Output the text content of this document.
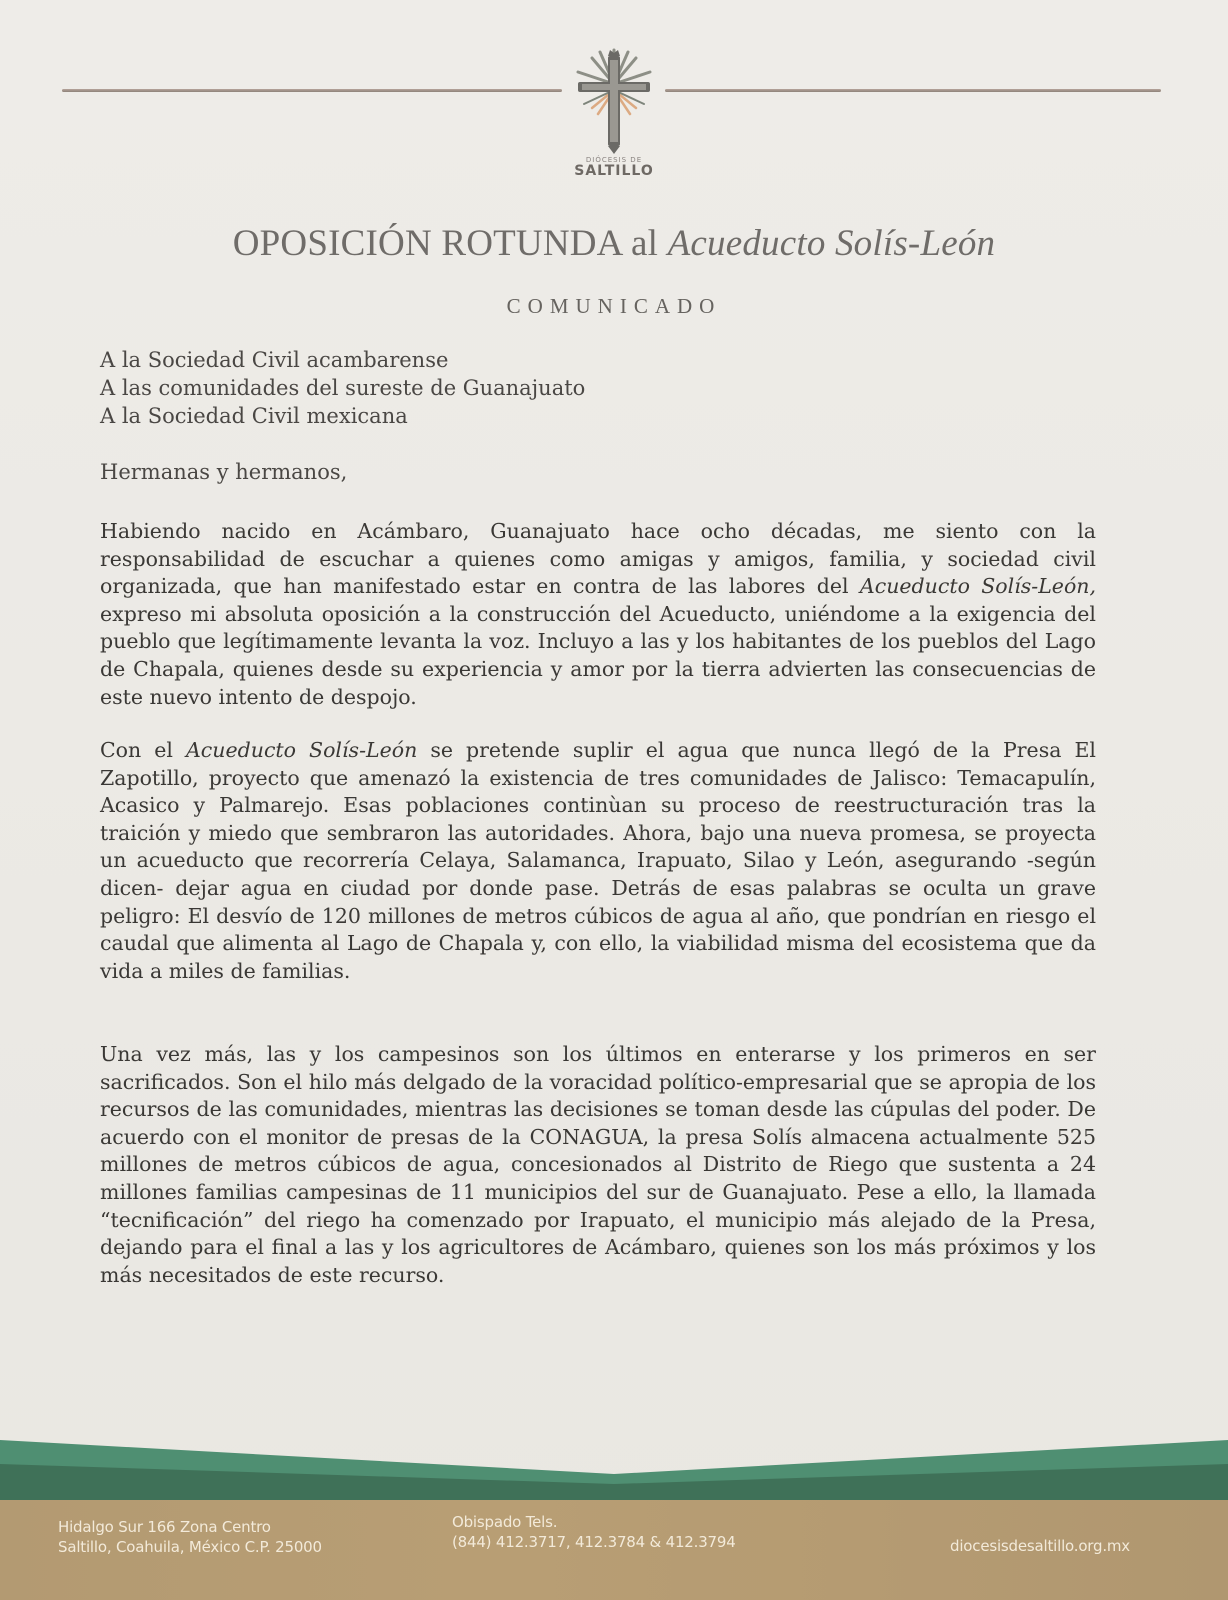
DIÓCESIS DE
SALTILLO
OPOSICIÓN ROTUNDA al Acueducto Solís-León
COMUNICADO
A la Sociedad Civil acambarense
A las comunidades del sureste de Guanajuato
A la Sociedad Civil mexicana
Hermanas y hermanos,

Habiendo nacido en Acámbaro, Guanajuato hace ocho décadas, me siento con la responsabilidad de escuchar a quienes como amigas y amigos, familia, y sociedad civil organizada, que han manifestado estar en contra de las labores del Acueducto Solís-León, expreso mi absoluta oposición a la construcción del Acueducto, uniéndome a la exigencia del pueblo que legítimamente levanta la voz. Incluyo a las y los habitantes de los pueblos del Lago de Chapala, quienes desde su experiencia y amor por la tierra advierten las consecuencias de este nuevo intento de despojo.

Con el Acueducto Solís-León se pretende suplir el agua que nunca llegó de la Presa El Zapotillo, proyecto que amenazó la existencia de tres comunidades de Jalisco: Temacapulín, Acasico y Palmarejo. Esas poblaciones continùan su proceso de reestructuración tras la traición y miedo que sembraron las autoridades. Ahora, bajo una nueva promesa, se proyecta un acueducto que recorrería Celaya, Salamanca, Irapuato, Silao y León, asegurando -según dicen- dejar agua en ciudad por donde pase. Detrás de esas palabras se oculta un grave peligro: El desvío de 120 millones de metros cúbicos de agua al año, que pondrían en riesgo el caudal que alimenta al Lago de Chapala y, con ello, la viabilidad misma del ecosistema que da vida a miles de familias.

Una vez más, las y los campesinos son los últimos en enterarse y los primeros en ser sacrificados. Son el hilo más delgado de la voracidad político-empresarial que se apropia de los recursos de las comunidades, mientras las decisiones se toman desde las cúpulas del poder. De acuerdo con el monitor de presas de la CONAGUA, la presa Solís almacena actualmente 525 millones de metros cúbicos de agua, concesionados al Distrito de Riego que sustenta a 24 millones familias campesinas de 11 municipios del sur de Guanajuato. Pese a ello, la llamada “tecnificación” del riego ha comenzado por Irapuato, el municipio más alejado de la Presa, dejando para el final a las y los agricultores de Acámbaro, quienes son los más próximos y los más necesitados de este recurso.

Hidalgo Sur 166 Zona Centro
Saltillo, Coahuila, México C.P. 25000
Obispado Tels.
(844) 412.3717, 412.3784 & 412.3794	diocesisdesaltillo.org.mx
